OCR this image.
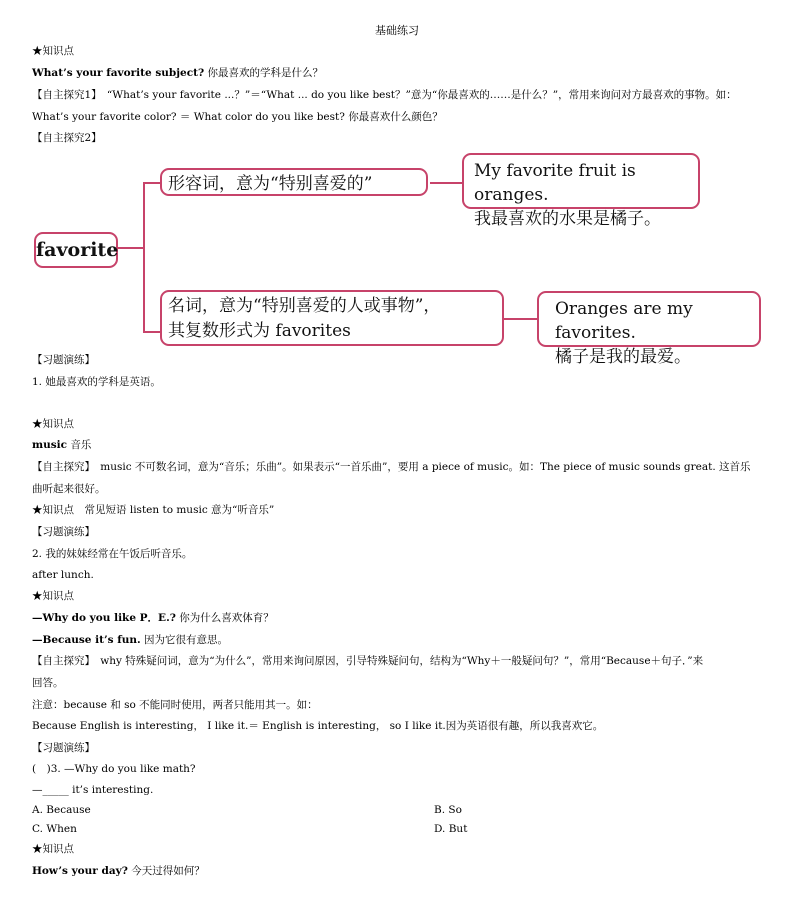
基础练习
★知识点
What’s your favorite subject? 你最喜欢的学科是什么？
【自主探究1】　“What’s your favorite ...？”＝“What ... do you like best？”意为“你最喜欢的……是什么？”，常用来询问对方最喜欢的事物。如：
What’s your favorite color? ＝ What color do you like best? 你最喜欢什么颜色？
【自主探究2】
favorite
形容词，意为“特别喜爱的”
My favorite fruit is oranges.
我最喜欢的水果是橘子。
名词，意为“特别喜爱的人或事物”，
其复数形式为 favorites
Oranges are my favorites.
橘子是我的最爱。
【习题演练】
1. 她最喜欢的学科是英语。
★知识点
music 音乐
【自主探究】　music 不可数名词，意为“音乐；乐曲”。如果表示“一首乐曲”，要用 a piece of music。如：The piece of music sounds great. 这首乐
曲听起来很好。
★知识点　常见短语 listen to music 意为“听音乐”
【习题演练】
2. 我的妹妹经常在午饭后听音乐。
after lunch.
★知识点
—Why do you like P．E.? 你为什么喜欢体育？
—Because it’s fun. 因为它很有意思。
【自主探究】　why 特殊疑问词，意为“为什么”，常用来询问原因，引导特殊疑问句，结构为“Why＋一般疑问句？”，常用“Because＋句子．”来
回答。
注意：because 和 so 不能同时使用，两者只能用其一。如：
Because English is interesting， I like it.＝ English is interesting， so I like it.因为英语很有趣，所以我喜欢它。
【习题演练】
(　)3. —Why do you like math?
—_____ it’s interesting.
A. Because	B. So
C. When	D. But
★知识点
How’s your day? 今天过得如何？
